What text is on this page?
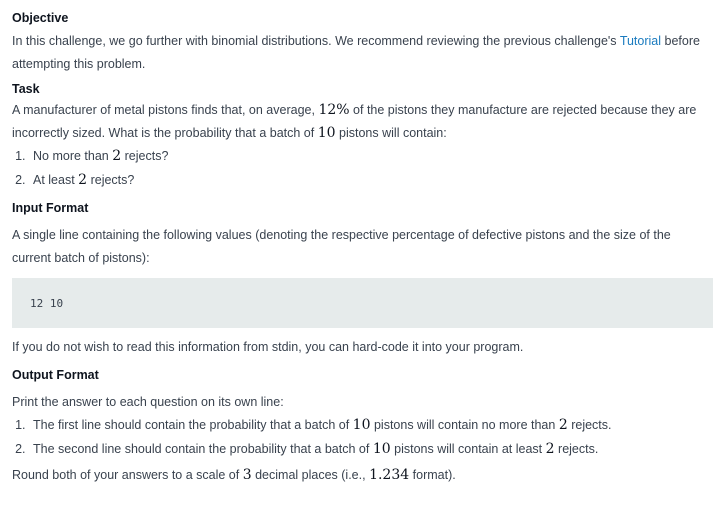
Objective

In this challenge, we go further with binomial distributions. We recommend reviewing the previous challenge's Tutorial before attempting this problem.

Task

A manufacturer of metal pistons finds that, on average, 12% of the pistons they manufacture are rejected because they are incorrectly sized. What is the probability that a batch of 10 pistons will contain:

1. No more than 2 rejects?
2. At least 2 rejects?
Input Format

A single line containing the following values (denoting the respective percentage of defective pistons and the size of the current batch of pistons):

12 10

If you do not wish to read this information from stdin, you can hard-code it into your program.

Output Format

Print the answer to each question on its own line:

1. The first line should contain the probability that a batch of 10 pistons will contain no more than 2 rejects.
2. The second line should contain the probability that a batch of 10 pistons will contain at least 2 rejects.

Round both of your answers to a scale of 3 decimal places (i.e., 1.234 format).
